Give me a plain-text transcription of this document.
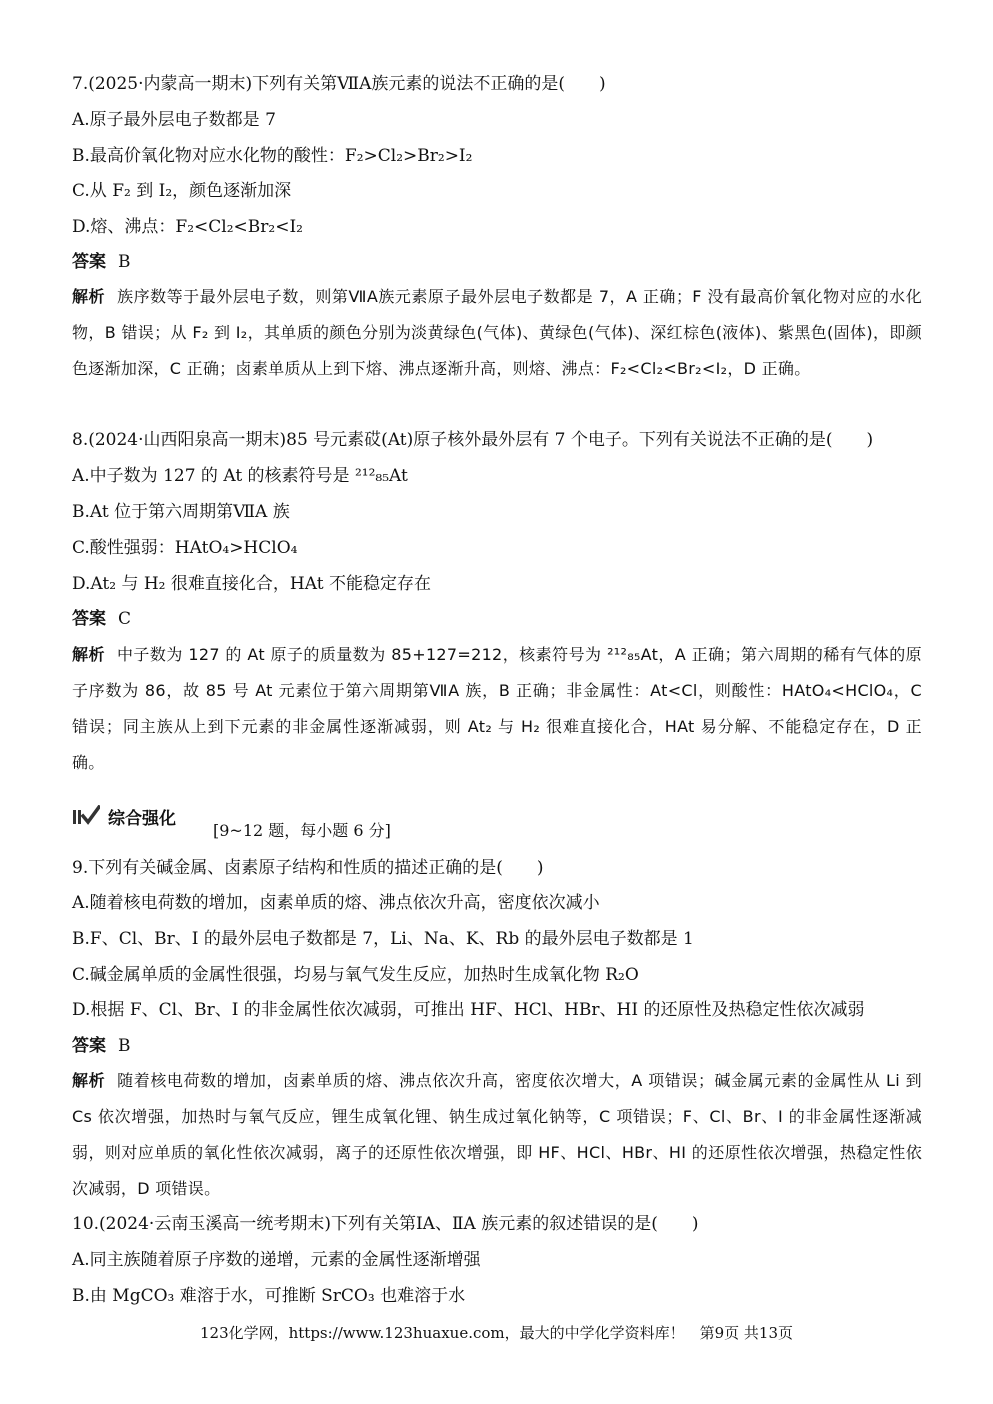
7.(2025·内蒙高一期末)下列有关第ⅦA族元素的说法不正确的是(　　)
A.原子最外层电子数都是 7
B.最高价氧化物对应水化物的酸性：F₂>Cl₂>Br₂>I₂
C.从 F₂ 到 I₂，颜色逐渐加深
D.熔、沸点：F₂<Cl₂<Br₂<I₂
答案 B
解析 族序数等于最外层电子数，则第ⅦA族元素原子最外层电子数都是 7，A 正确；F 没有最高价氧化物对应的水化物，B 错误；从 F₂ 到 I₂，其单质的颜色分别为淡黄绿色(气体)、黄绿色(气体)、深红棕色(液体)、紫黑色(固体)，即颜色逐渐加深，C 正确；卤素单质从上到下熔、沸点逐渐升高，则熔、沸点：F₂<Cl₂<Br₂<I₂，D 正确。
8.(2024·山西阳泉高一期末)85 号元素砹(At)原子核外最外层有 7 个电子。下列有关说法不正确的是(　　)
A.中子数为 127 的 At 的核素符号是 ²¹²₈₅At
B.At 位于第六周期第ⅦA 族
C.酸性强弱：HAtO₄>HClO₄
D.At₂ 与 H₂ 很难直接化合，HAt 不能稳定存在
答案 C
解析 中子数为 127 的 At 原子的质量数为 85+127=212，核素符号为 ²¹²₈₅At，A 正确；第六周期的稀有气体的原子序数为 86，故 85 号 At 元素位于第六周期第ⅦA 族，B 正确；非金属性：At<Cl，则酸性：HAtO₄<HClO₄，C 错误；同主族从上到下元素的非金属性逐渐减弱，则 At₂ 与 H₂ 很难直接化合，HAt 易分解、不能稳定存在，D 正确。
综合强化
[9~12 题，每小题 6 分]
9.下列有关碱金属、卤素原子结构和性质的描述正确的是(　　)
A.随着核电荷数的增加，卤素单质的熔、沸点依次升高，密度依次减小
B.F、Cl、Br、I 的最外层电子数都是 7，Li、Na、K、Rb 的最外层电子数都是 1
C.碱金属单质的金属性很强，均易与氧气发生反应，加热时生成氧化物 R₂O
D.根据 F、Cl、Br、I 的非金属性依次减弱，可推出 HF、HCl、HBr、HI 的还原性及热稳定性依次减弱
答案 B
解析 随着核电荷数的增加，卤素单质的熔、沸点依次升高，密度依次增大，A 项错误；碱金属元素的金属性从 Li 到 Cs 依次增强，加热时与氧气反应，锂生成氧化锂、钠生成过氧化钠等，C 项错误；F、Cl、Br、I 的非金属性逐渐减弱，则对应单质的氧化性依次减弱，离子的还原性依次增强，即 HF、HCl、HBr、HI 的还原性依次增强，热稳定性依次减弱，D 项错误。
10.(2024·云南玉溪高一统考期末)下列有关第ⅠA、ⅡA 族元素的叙述错误的是(　　)
A.同主族随着原子序数的递增，元素的金属性逐渐增强
B.由 MgCO₃ 难溶于水，可推断 SrCO₃ 也难溶于水
123化学网，https://www.123huaxue.com，最大的中学化学资料库！　第9页 共13页
